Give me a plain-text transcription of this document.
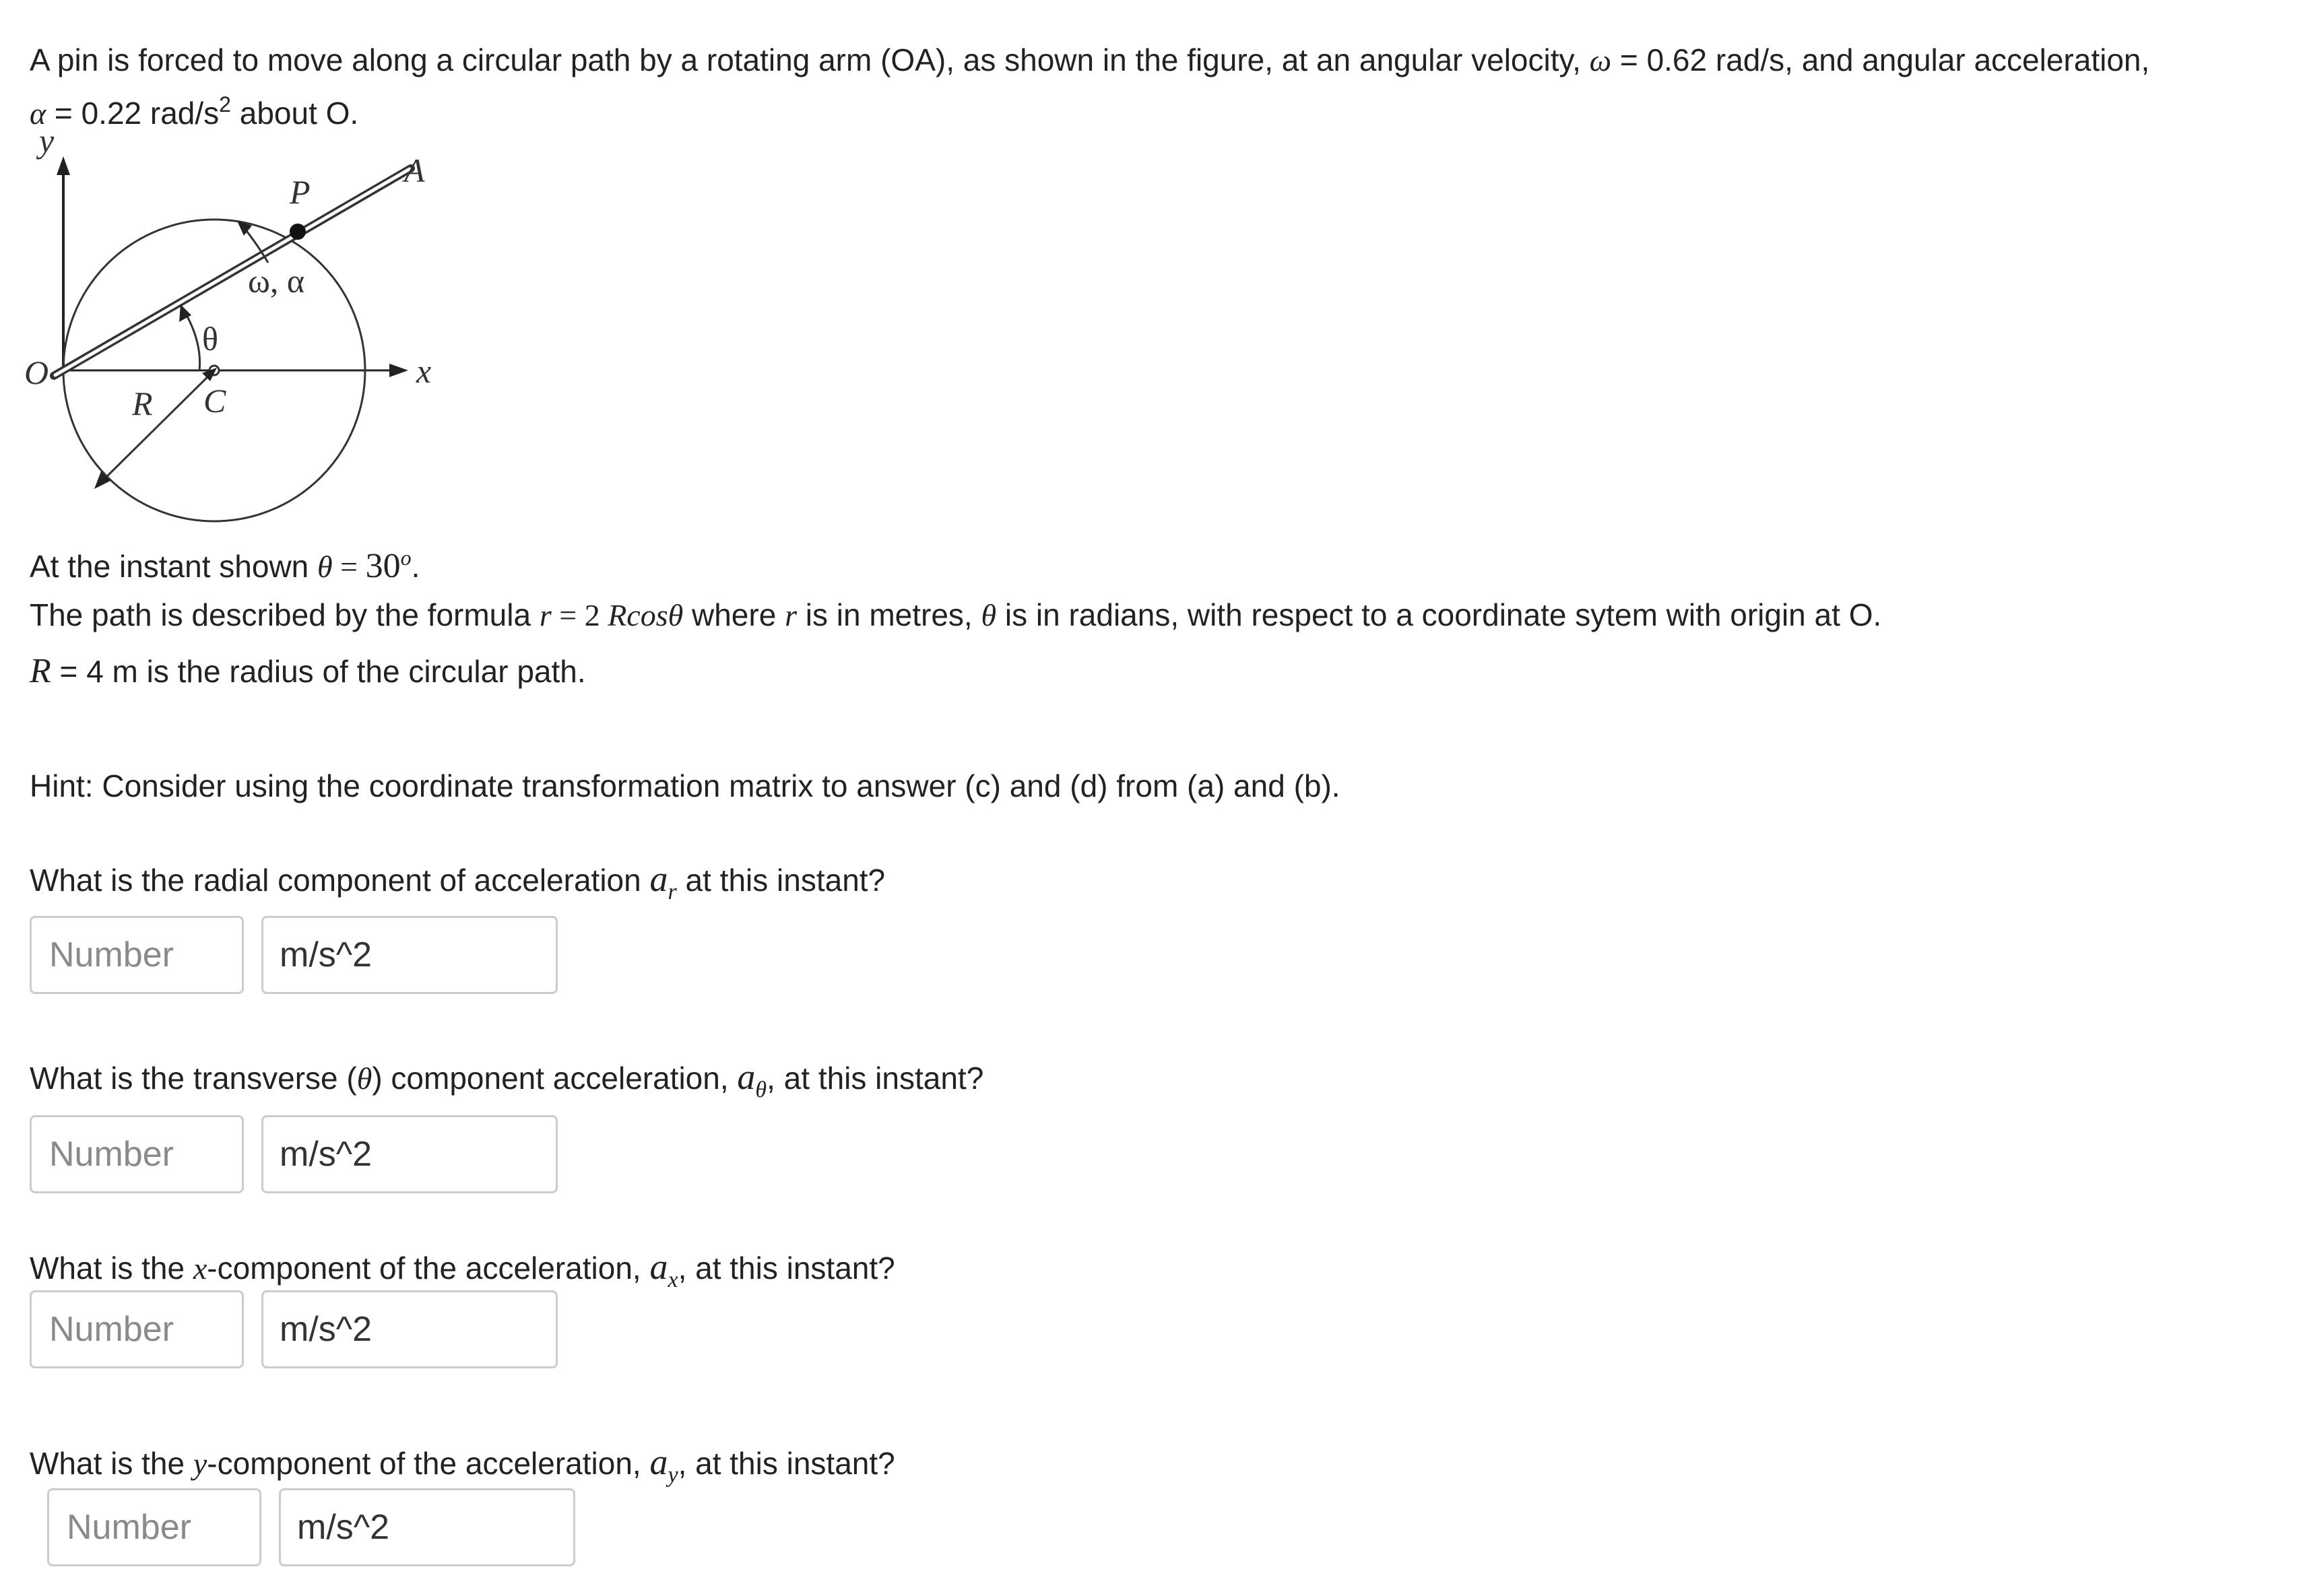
A pin is forced to move along a circular path by a rotating arm (OA), as shown in the figure, at an angular velocity, ω = 0.62 rad/s, and angular acceleration,
α = 0.22 rad/$s^2$ about O.
y
x
O
A
P
C
R
θ
ω, α
At the instant shown $\theta = 30^o$.
The path is described by the formula r = 2 Rcosθ where r is in metres, θ is in radians, with respect to a coordinate sytem with origin at O.
R = 4 m is the radius of the circular path.
Hint: Consider using the coordinate transformation matrix to answer (c) and (d) from (a) and (b).
What is the radial component of acceleration $a_r$ at this instant?
Number
m/s^2
What is the transverse (θ) component acceleration, $a_\theta$, at this instant?
Number
m/s^2
What is the x-component of the acceleration, $a_x$, at this instant?
Number
m/s^2
What is the y-component of the acceleration, $a_y$, at this instant?
Number
m/s^2
